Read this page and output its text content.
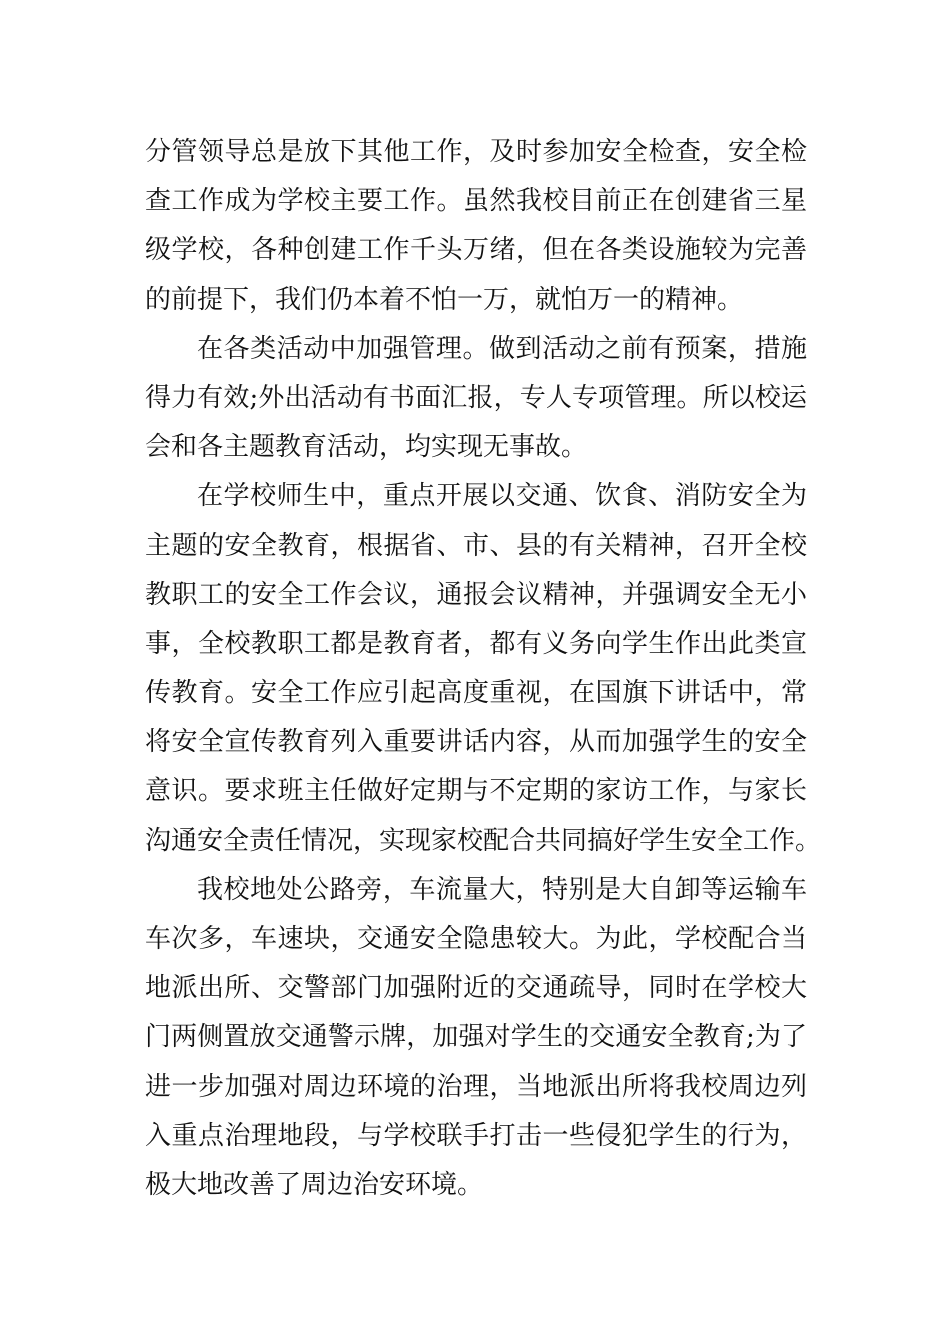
分管领导总是放下其他工作，及时参加安全检查，安全检
查工作成为学校主要工作。虽然我校目前正在创建省三星
级学校，各种创建工作千头万绪，但在各类设施较为完善
的前提下，我们仍本着不怕一万，就怕万一的精神。
在各类活动中加强管理。做到活动之前有预案，措施
得力有效;外出活动有书面汇报，专人专项管理。所以校运
会和各主题教育活动，均实现无事故。
在学校师生中，重点开展以交通、饮食、消防安全为
主题的安全教育，根据省、市、县的有关精神，召开全校
教职工的安全工作会议，通报会议精神，并强调安全无小
事，全校教职工都是教育者，都有义务向学生作出此类宣
传教育。安全工作应引起高度重视，在国旗下讲话中，常
将安全宣传教育列入重要讲话内容，从而加强学生的安全
意识。要求班主任做好定期与不定期的家访工作，与家长
沟通安全责任情况，实现家校配合共同搞好学生安全工作。
我校地处公路旁，车流量大，特别是大自卸等运输车
车次多，车速块，交通安全隐患较大。为此，学校配合当
地派出所、交警部门加强附近的交通疏导，同时在学校大
门两侧置放交通警示牌，加强对学生的交通安全教育;为了
进一步加强对周边环境的治理，当地派出所将我校周边列
入重点治理地段，与学校联手打击一些侵犯学生的行为，
极大地改善了周边治安环境。
